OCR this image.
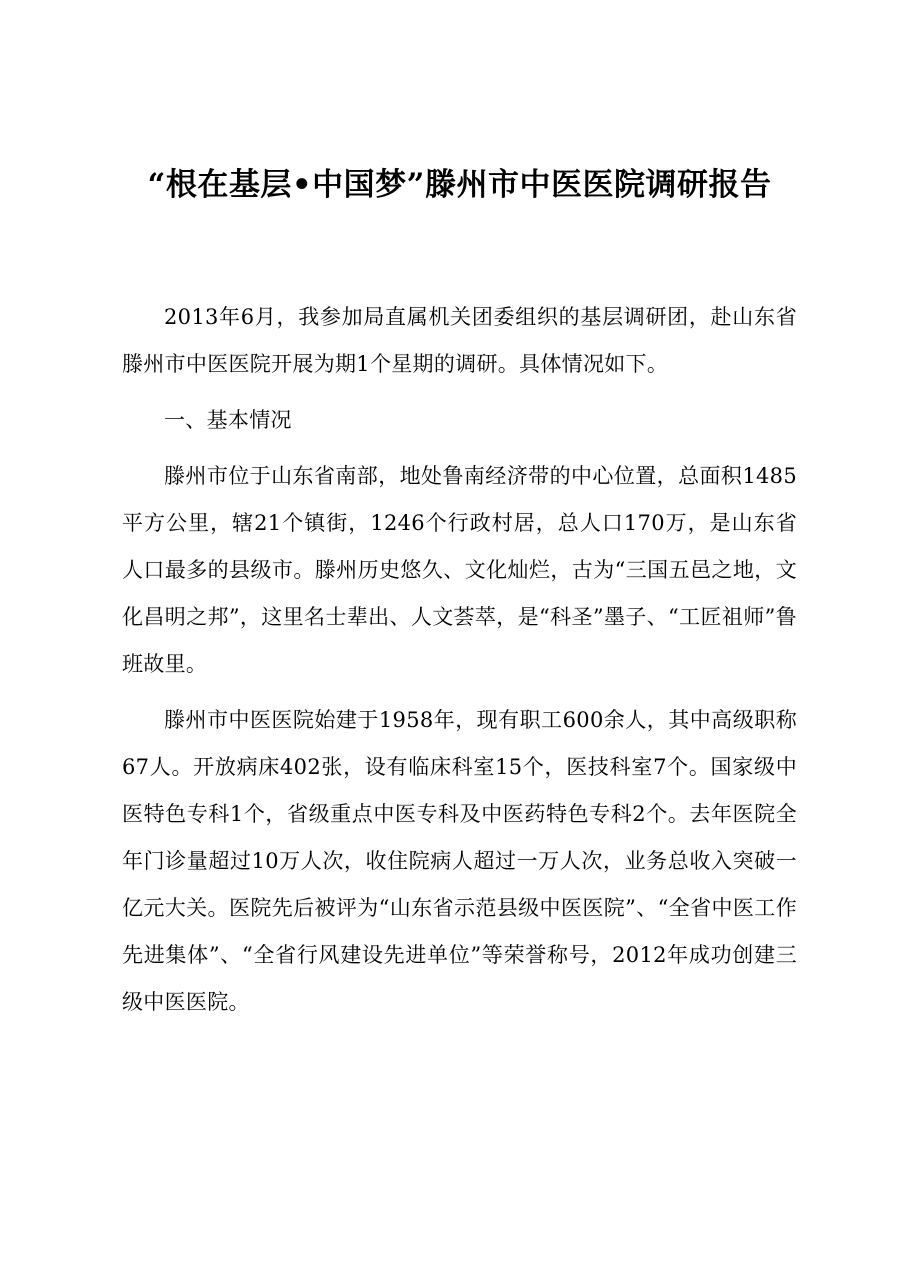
“根在基层•中国梦”滕州市中医医院调研报告

2013年6月，我参加局直属机关团委组织的基层调研团，赴山东省滕州市中医医院开展为期1个星期的调研。具体情况如下。

一、基本情况

滕州市位于山东省南部，地处鲁南经济带的中心位置，总面积1485平方公里，辖21个镇街，1246个行政村居，总人口170万，是山东省人口最多的县级市。滕州历史悠久、文化灿烂，古为“三国五邑之地，文化昌明之邦”，这里名士辈出、人文荟萃，是“科圣”墨子、“工匠祖师”鲁班故里。

滕州市中医医院始建于1958年，现有职工600余人，其中高级职称67人。开放病床402张，设有临床科室15个，医技科室7个。国家级中医特色专科1个，省级重点中医专科及中医药特色专科2个。去年医院全年门诊量超过10万人次，收住院病人超过一万人次，业务总收入突破一亿元大关。医院先后被评为“山东省示范县级中医医院”、“全省中医工作先进集体”、“全省行风建设先进单位”等荣誉称号，2012年成功创建三级中医医院。
